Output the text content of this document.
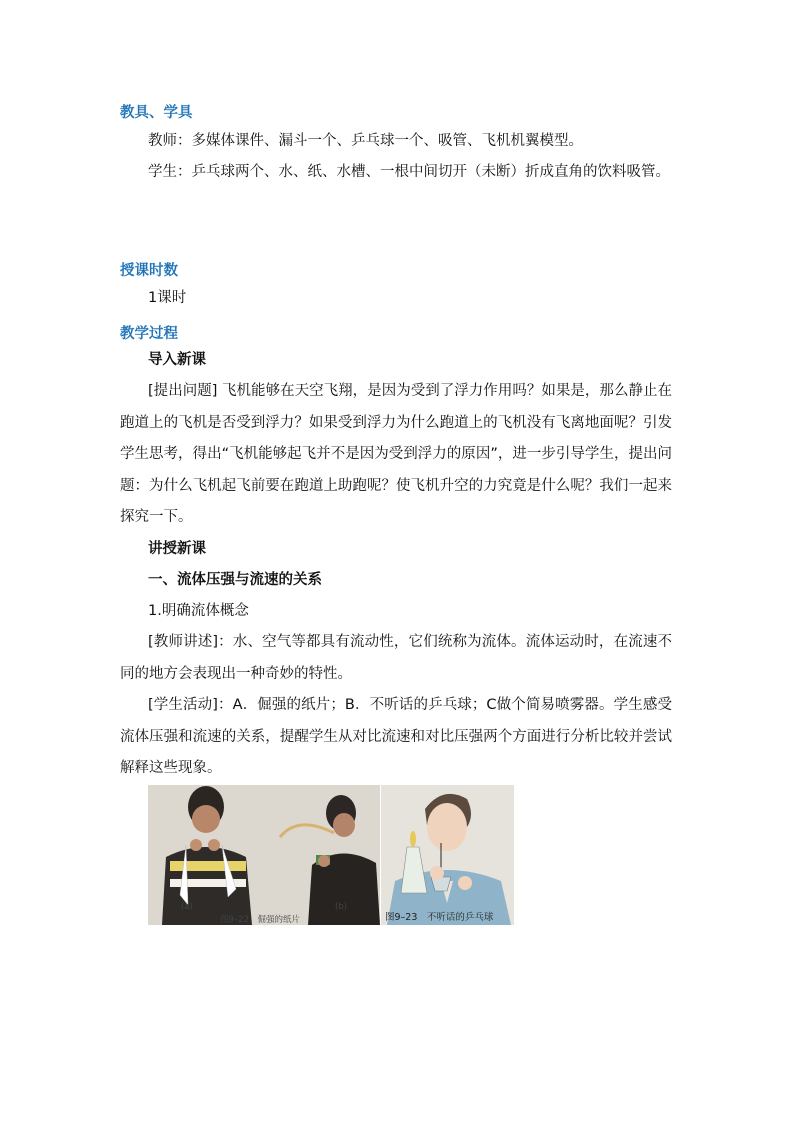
教具、学具
教师：多媒体课件、漏斗一个、乒乓球一个、吸管、飞机机翼模型。
学生：乒乓球两个、水、纸、水槽、一根中间切开（未断）折成直角的饮料吸管。
授课时数
1课时
教学过程
导入新课
[提出问题] 飞机能够在天空飞翔，是因为受到了浮力作用吗？如果是，那么静止在跑道上的飞机是否受到浮力？如果受到浮力为什么跑道上的飞机没有飞离地面呢？引发学生思考，得出“飞机能够起飞并不是因为受到浮力的原因”，进一步引导学生，提出问题：为什么飞机起飞前要在跑道上助跑呢？使飞机升空的力究竟是什么呢？我们一起来探究一下。
讲授新课
一、流体压强与流速的关系
1.明确流体概念
[教师讲述]：水、空气等都具有流动性，它们统称为流体。流体运动时，在流速不同的地方会表现出一种奇妙的特性。
[学生活动]：A．倔强的纸片；B．不听话的乒乓球；C做个简易喷雾器。学生感受流体压强和流速的关系，提醒学生从对比流速和对比压强两个方面进行分析比较并尝试解释这些现象。
(a)	(b)
图9–22　倔强的纸片	图9–23　不听话的乒乓球
